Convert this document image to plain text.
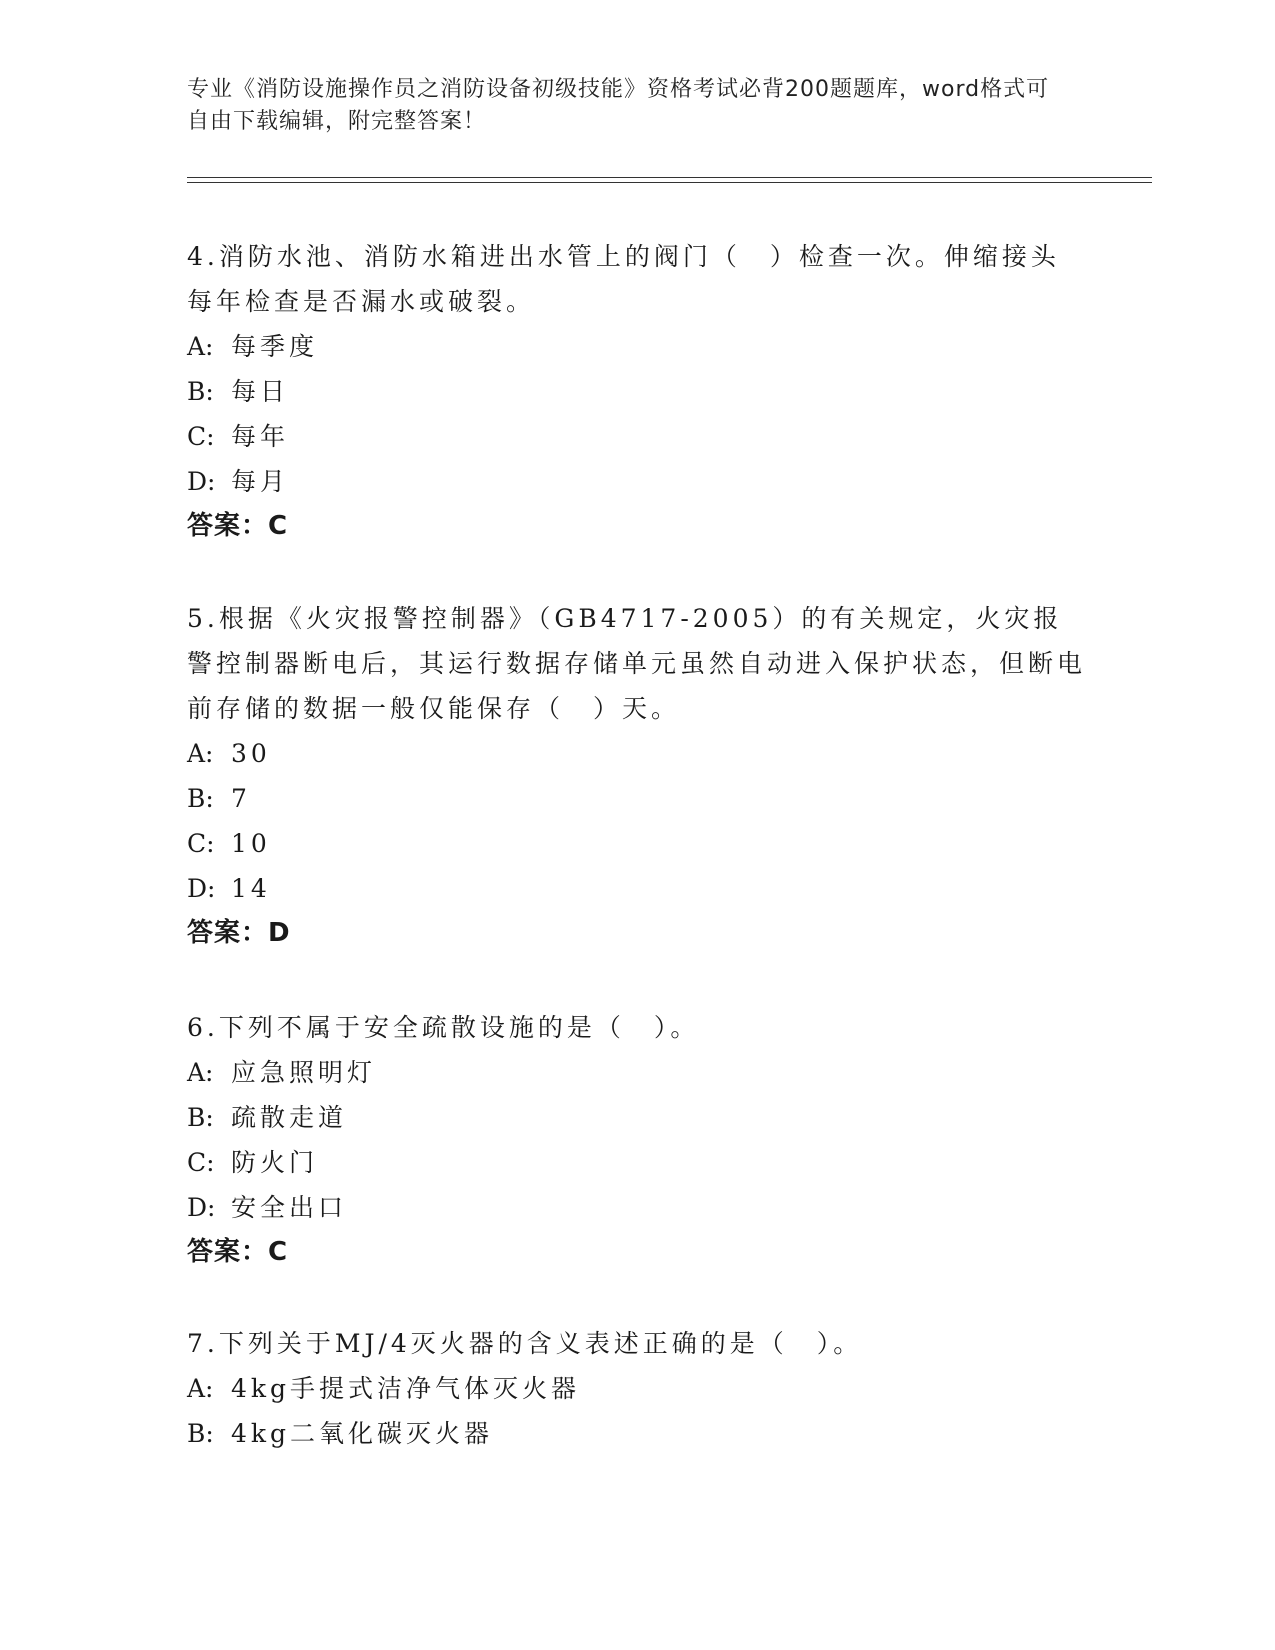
专业《消防设施操作员之消防设备初级技能》资格考试必背200题题库，word格式可自由下载编辑，附完整答案！

4.消防水池、消防水箱进出水管上的阀门（　）检查一次。伸缩接头每年检查是否漏水或破裂。

A: 每季度

B: 每日

C: 每年

D: 每月

答案：C

5.根据《火灾报警控制器》（GB4717-2005）的有关规定，火灾报警控制器断电后，其运行数据存储单元虽然自动进入保护状态，但断电前存储的数据一般仅能保存（　）天。

A: 30

B: 7

C: 10

D: 14

答案：D

6.下列不属于安全疏散设施的是（　）。

A: 应急照明灯

B: 疏散走道

C: 防火门

D: 安全出口

答案：C

7.下列关于MJ/4灭火器的含义表述正确的是（　）。

A: 4kg手提式洁净气体灭火器

B: 4kg二氧化碳灭火器
